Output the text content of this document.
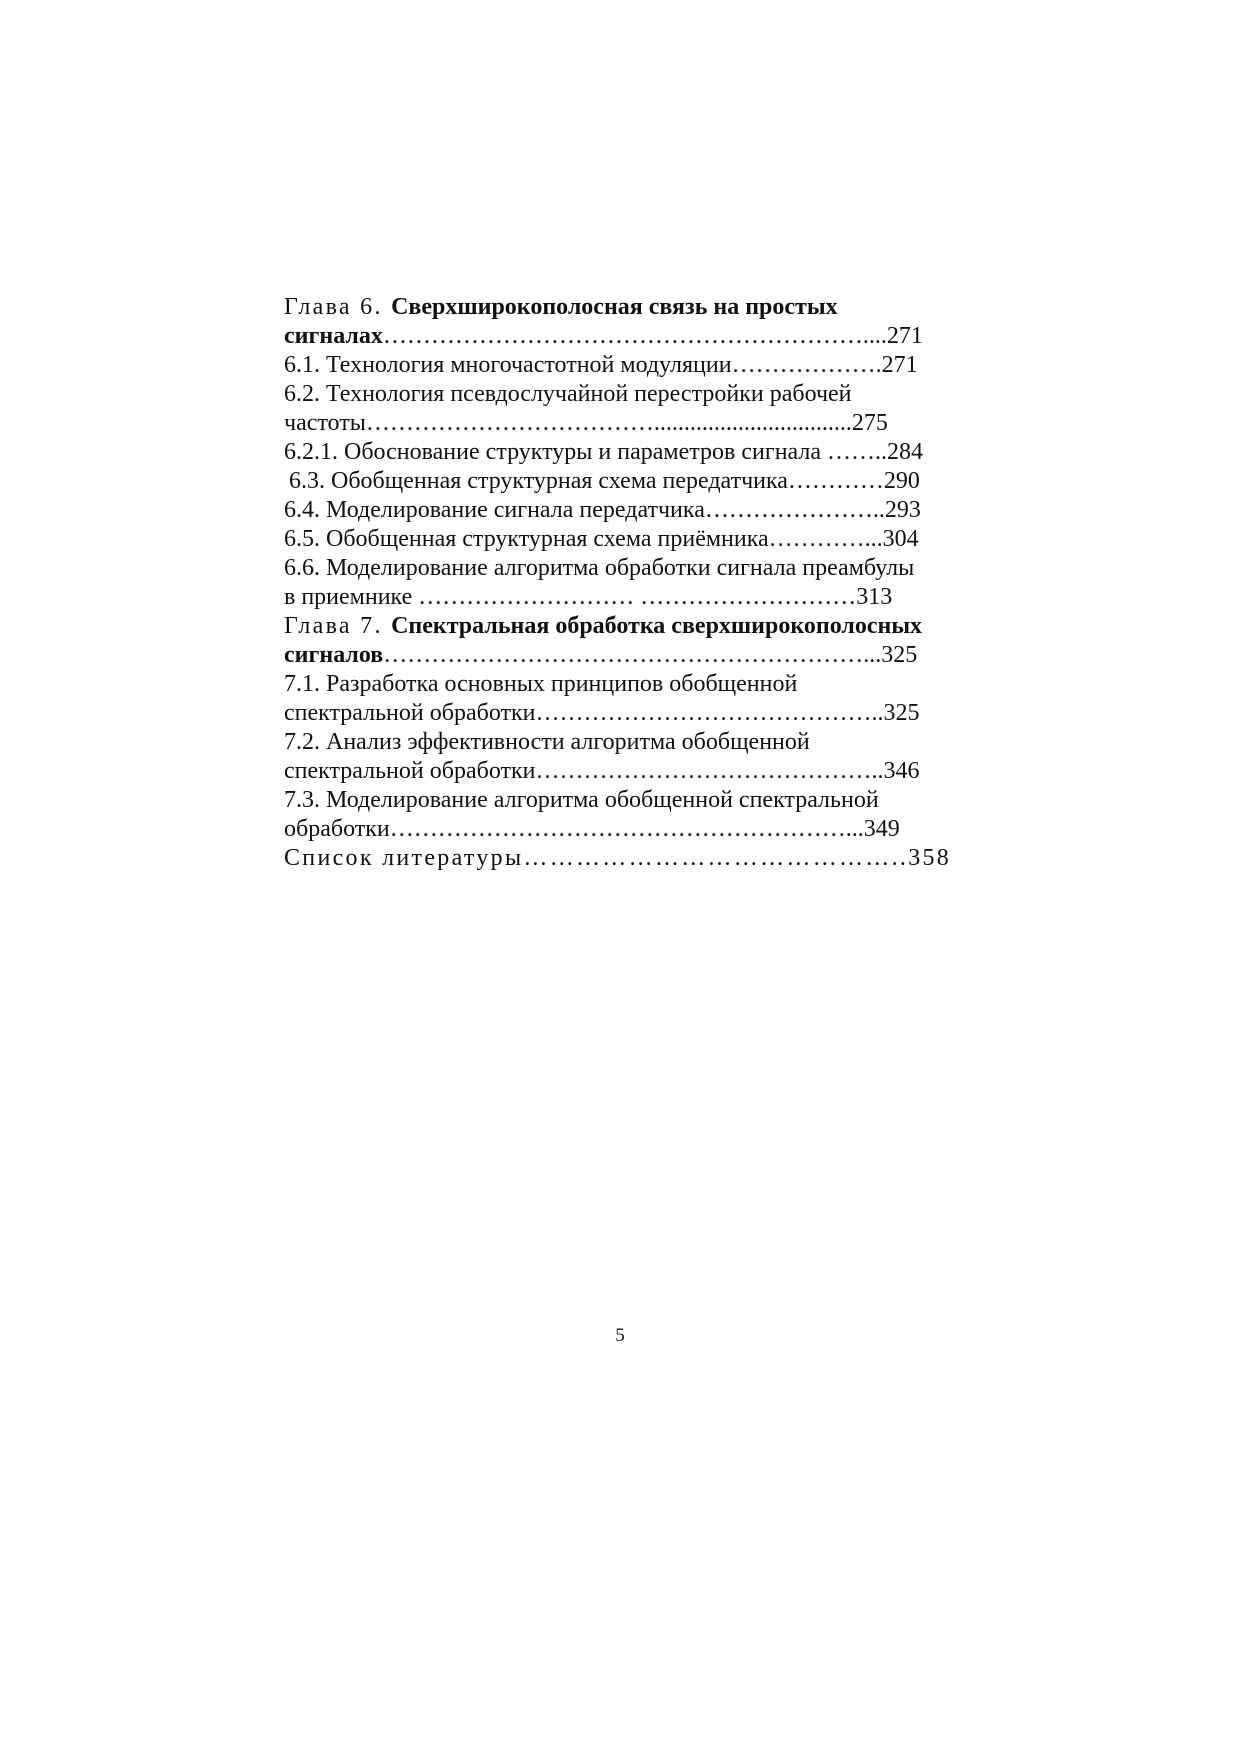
Глава 6. Сверхширокополосная связь на простых
сигналах……………………………………………………....271
6.1. Технология многочастотной модуляции……………….271
6.2. Технология псевдослучайной перестройки рабочей
частоты……………………………….................................275
6.2.1. Обоснование структуры и параметров сигнала ……..284
6.3. Обобщенная структурная схема передатчика…………290
6.4. Моделирование сигнала передатчика…………………..293
6.5. Обобщенная структурная схема приёмника…………...304
6.6. Моделирование алгоритма обработки сигнала преамбулы
в приемнике ……………………… ………………………313
Глава 7. Спектральная обработка сверхширокополосных
сигналов……………………………………………………...325
7.1. Разработка основных принципов обобщенной
спектральной обработки……………………………………..325
7.2. Анализ эффективности алгоритма обобщенной
спектральной обработки……………………………………..346
7.3. Моделирование алгоритма обобщенной спектральной
обработки…………………………………………………...349
Список литературы……………………………………..358
5
